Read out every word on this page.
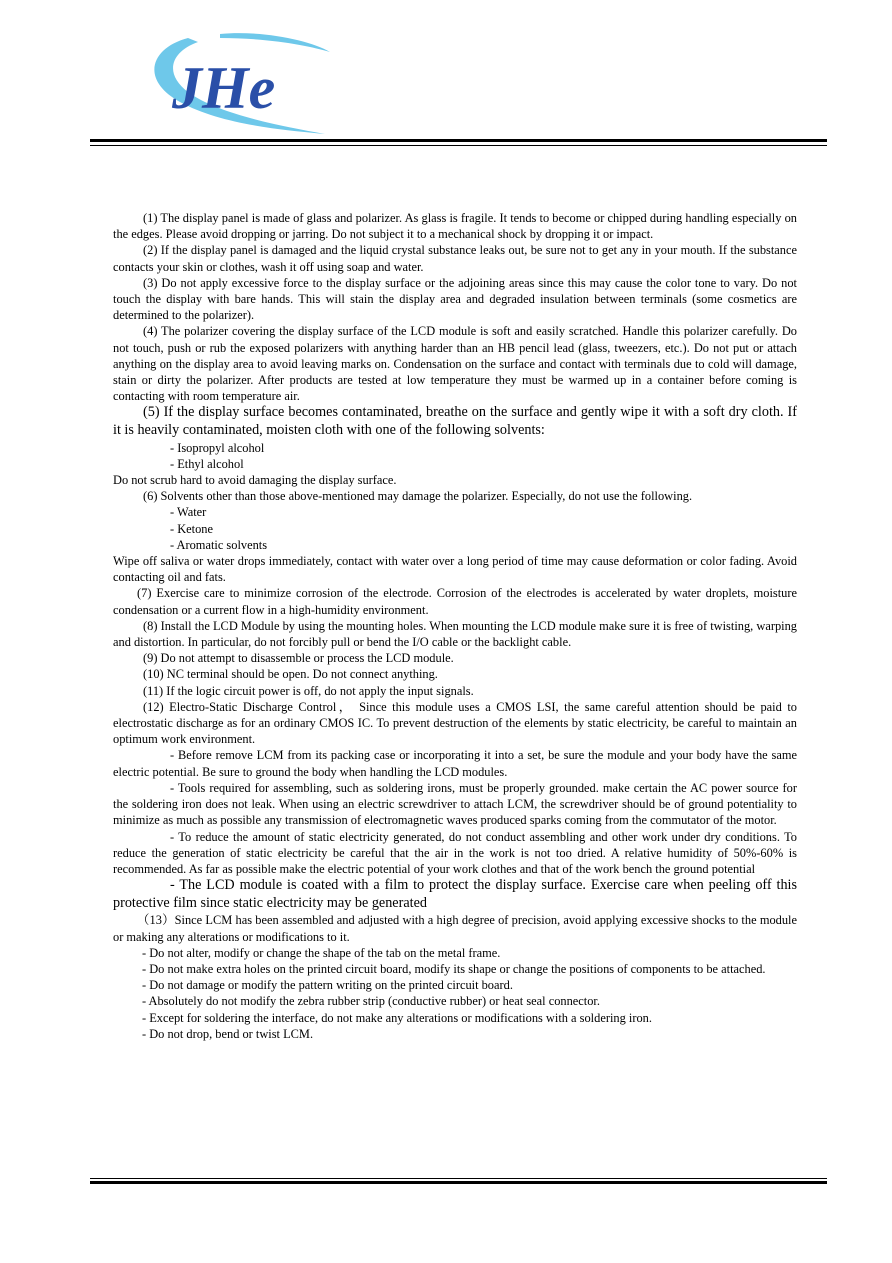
JHe

(1) The display panel is made of glass and polarizer. As glass is fragile. It tends to become or chipped during handling especially on the edges. Please avoid dropping or jarring. Do not subject it to a mechanical shock by dropping it or impact.

(2) If the display panel is damaged and the liquid crystal substance leaks out, be sure not to get any in your mouth. If the substance contacts your skin or clothes, wash it off using soap and water.

(3) Do not apply excessive force to the display surface or the adjoining areas since this may cause the color tone to vary. Do not touch the display with bare hands. This will stain the display area and degraded insulation between terminals (some cosmetics are determined to the polarizer).

(4) The polarizer covering the display surface of the LCD module is soft and easily scratched. Handle this polarizer carefully. Do not touch, push or rub the exposed polarizers with anything harder than an HB pencil lead (glass, tweezers, etc.). Do not put or attach anything on the display area to avoid leaving marks on. Condensation on the surface and contact with terminals due to cold will damage, stain or dirty the polarizer. After products are tested at low temperature they must be warmed up in a container before coming is contacting with room temperature air.

(5) If the display surface becomes contaminated, breathe on the surface and gently wipe it with a soft dry cloth. If it is heavily contaminated, moisten cloth with one of the following solvents:

- Isopropyl alcohol

- Ethyl alcohol

Do not scrub hard to avoid damaging the display surface.

(6) Solvents other than those above-mentioned may damage the polarizer. Especially, do not use the following.

- Water

- Ketone

- Aromatic solvents

Wipe off saliva or water drops immediately, contact with water over a long period of time may cause deformation or color fading. Avoid contacting oil and fats.

(7) Exercise care to minimize corrosion of the electrode. Corrosion of the electrodes is accelerated by water droplets, moisture condensation or a current flow in a high-humidity environment.

(8) Install the LCD Module by using the mounting holes. When mounting the LCD module make sure it is free of twisting, warping and distortion. In particular, do not forcibly pull or bend the I/O cable or the backlight cable.

(9) Do not attempt to disassemble or process the LCD module.

(10) NC terminal should be open. Do not connect anything.

(11) If the logic circuit power is off, do not apply the input signals.

(12) Electro-Static Discharge Control， Since this module uses a CMOS LSI, the same careful attention should be paid to electrostatic discharge as for an ordinary CMOS IC. To prevent destruction of the elements by static electricity, be careful to maintain an optimum work environment.

- Before remove LCM from its packing case or incorporating it into a set, be sure the module and your body have the same electric potential. Be sure to ground the body when handling the LCD modules.

- Tools required for assembling, such as soldering irons, must be properly grounded. make certain the AC power source for the soldering iron does not leak. When using an electric screwdriver to attach LCM, the screwdriver should be of ground potentiality to minimize as much as possible any transmission of electromagnetic waves produced sparks coming from the commutator of the motor.

- To reduce the amount of static electricity generated, do not conduct assembling and other work under dry conditions. To reduce the generation of static electricity be careful that the air in the work is not too dried. A relative humidity of 50%-60% is recommended. As far as possible make the electric potential of your work clothes and that of the work bench the ground potential

- The LCD module is coated with a film to protect the display surface. Exercise care when peeling off this protective film since static electricity may be generated

（13）Since LCM has been assembled and adjusted with a high degree of precision, avoid applying excessive shocks to the module or making any alterations or modifications to it.

- Do not alter, modify or change the shape of the tab on the metal frame.

- Do not make extra holes on the printed circuit board, modify its shape or change the positions of components to be attached.

- Do not damage or modify the pattern writing on the printed circuit board.

- Absolutely do not modify the zebra rubber strip (conductive rubber) or heat seal connector.

- Except for soldering the interface, do not make any alterations or modifications with a soldering iron.

- Do not drop, bend or twist LCM.
